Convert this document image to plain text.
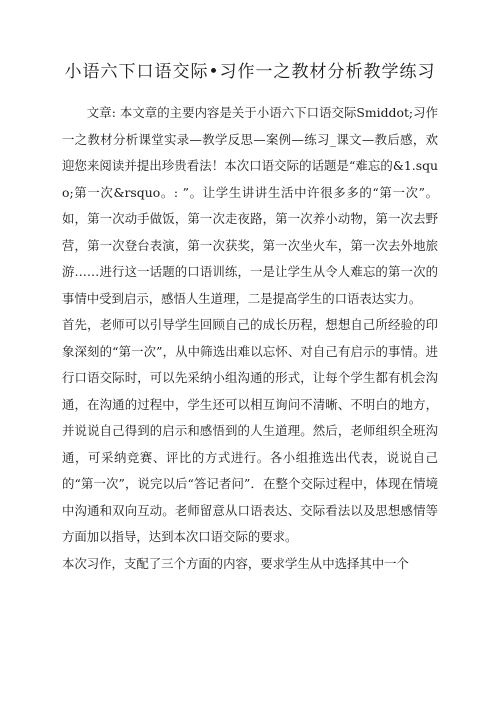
小语六下口语交际•习作一之教材分析教学练习

文章: 本文章的主要内容是关于小语六下口语交际Smiddot;习作一之教材分析课堂实录—教学反思—案例—练习_课文—教后感，欢迎您来阅读并提出珍贵看法！本次口语交际的话题是“难忘的&1.squo;第一次&rsquo。: ”。让学生讲讲生活中许很多多的“第一次”。如，第一次动手做饭，第一次走夜路，第一次养小动物，第一次去野营，第一次登台表演，第一次获奖，第一次坐火车，第一次去外地旅游……进行这一话题的口语训练，一是让学生从令人难忘的第一次的事情中受到启示，感悟人生道理，二是提高学生的口语表达实力。

首先，老师可以引导学生回顾自己的成长历程，想想自己所经验的印象深刻的“第一次”，从中筛选出难以忘怀、对自己有启示的事情。进行口语交际时，可以先采纳小组沟通的形式，让每个学生都有机会沟通，在沟通的过程中，学生还可以相互询问不清晰、不明白的地方，并说说自己得到的启示和感悟到的人生道理。然后，老师组织全班沟通，可采纳竞赛、评比的方式进行。各小组推选出代表，说说自己的“第一次”，说完以后“答记者问”．在整个交际过程中，体现在情境中沟通和双向互动。老师留意从口语表达、交际看法以及思想感情等方面加以指导，达到本次口语交际的要求。

本次习作，支配了三个方面的内容，要求学生从中选择其中一个
